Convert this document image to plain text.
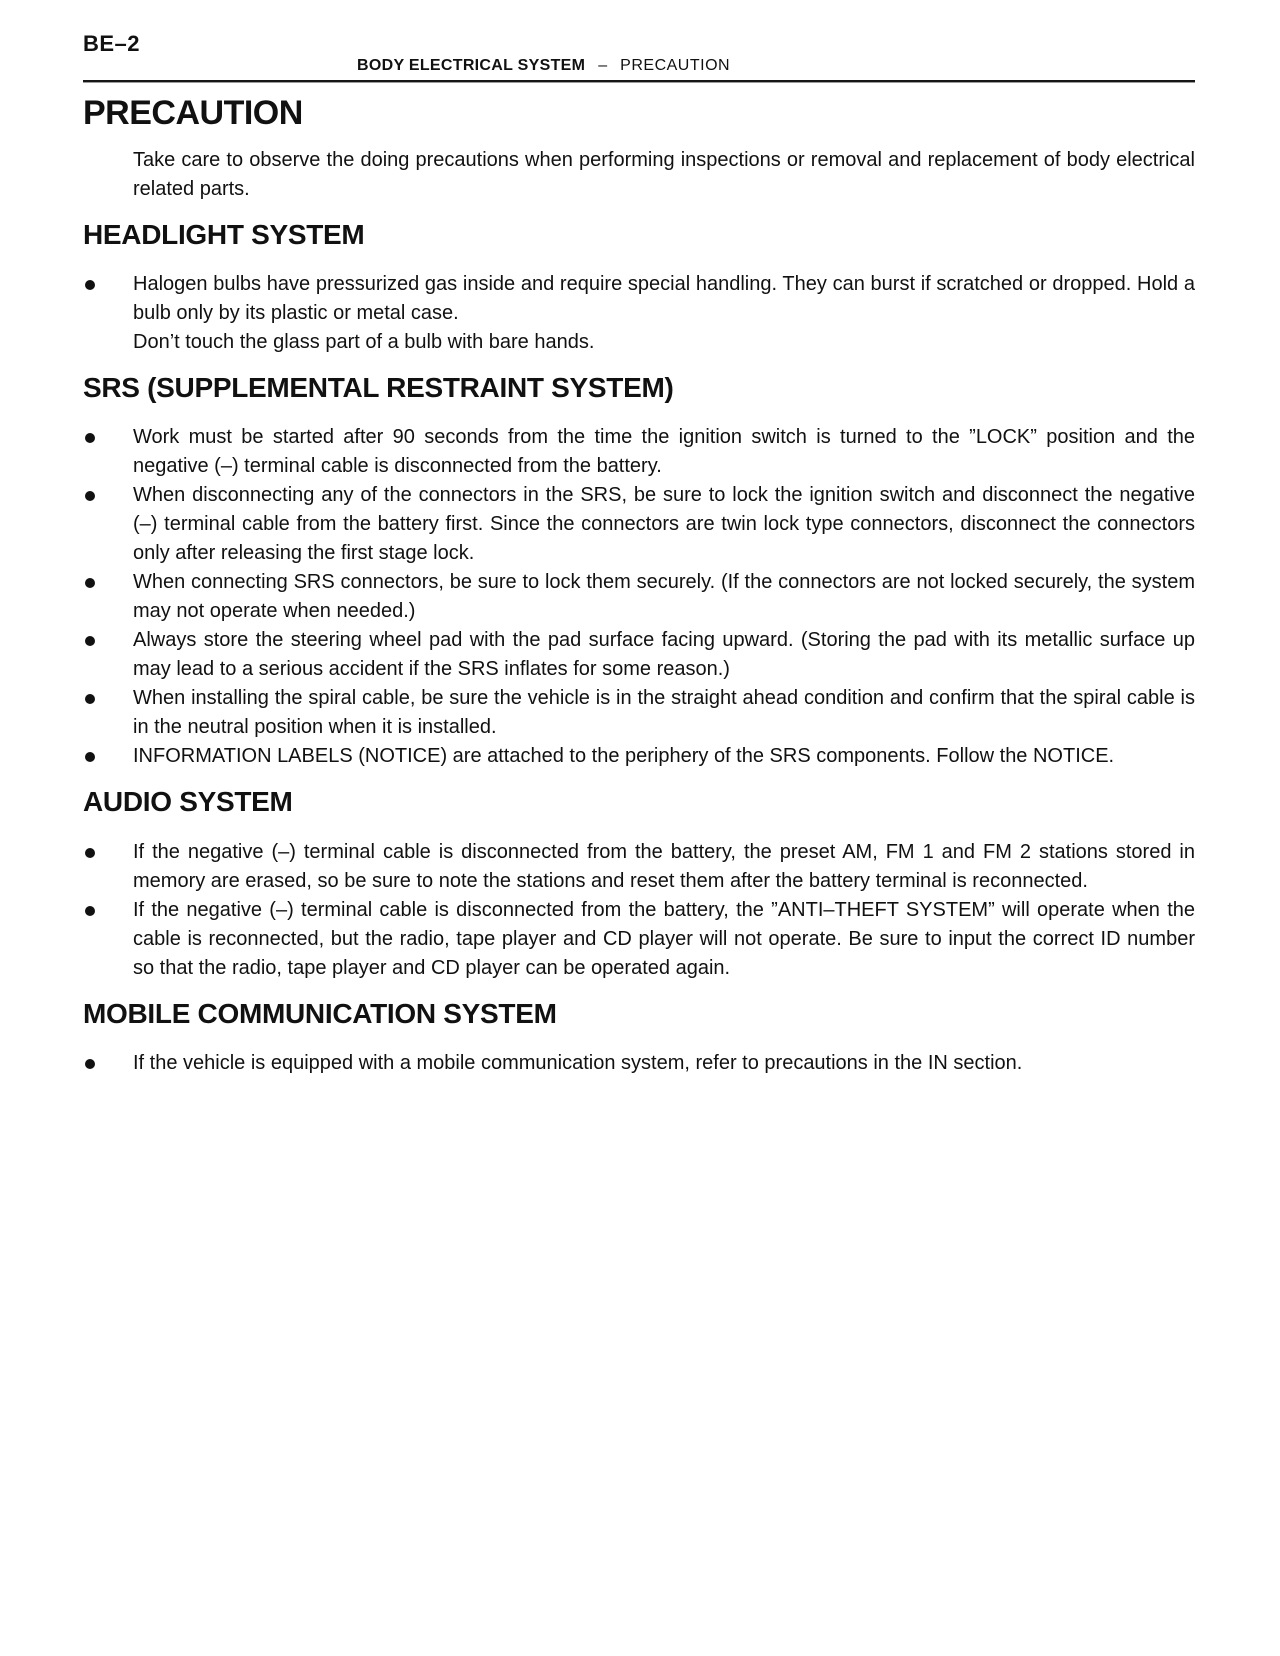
BE–2
BODY ELECTRICAL SYSTEM – PRECAUTION
PRECAUTION

Take care to observe the doing precautions when performing inspections or removal and replacement of body electrical related parts.

HEADLIGHT SYSTEM

Halogen bulbs have pressurized gas inside and require special handling. They can burst if scratched or dropped. Hold a bulb only by its plastic or metal case.

Don’t touch the glass part of a bulb with bare hands.

SRS (SUPPLEMENTAL RESTRAINT SYSTEM)

Work must be started after 90 seconds from the time the ignition switch is turned to the ”LOCK” position and the negative (–) terminal cable is disconnected from the battery.

When disconnecting any of the connectors in the SRS, be sure to lock the ignition switch and disconnect the negative (–) terminal cable from the battery first. Since the connectors are twin lock type connectors, disconnect the connectors only after releasing the first stage lock.

When connecting SRS connectors, be sure to lock them securely. (If the connectors are not locked securely, the system may not operate when needed.)

Always store the steering wheel pad with the pad surface facing upward. (Storing the pad with its metallic surface up may lead to a serious accident if the SRS inflates for some reason.)

When installing the spiral cable, be sure the vehicle is in the straight ahead condition and confirm that the spiral cable is in the neutral position when it is installed.

INFORMATION LABELS (NOTICE) are attached to the periphery of the SRS components. Follow the NOTICE.

AUDIO SYSTEM

If the negative (–) terminal cable is disconnected from the battery, the preset AM, FM 1 and FM 2 stations stored in memory are erased, so be sure to note the stations and reset them after the battery terminal is reconnected.

If the negative (–) terminal cable is disconnected from the battery, the ”ANTI–THEFT SYSTEM” will operate when the cable is reconnected, but the radio, tape player and CD player will not operate. Be sure to input the correct ID number so that the radio, tape player and CD player can be operated again.

MOBILE COMMUNICATION SYSTEM

If the vehicle is equipped with a mobile communication system, refer to precautions in the IN section.
